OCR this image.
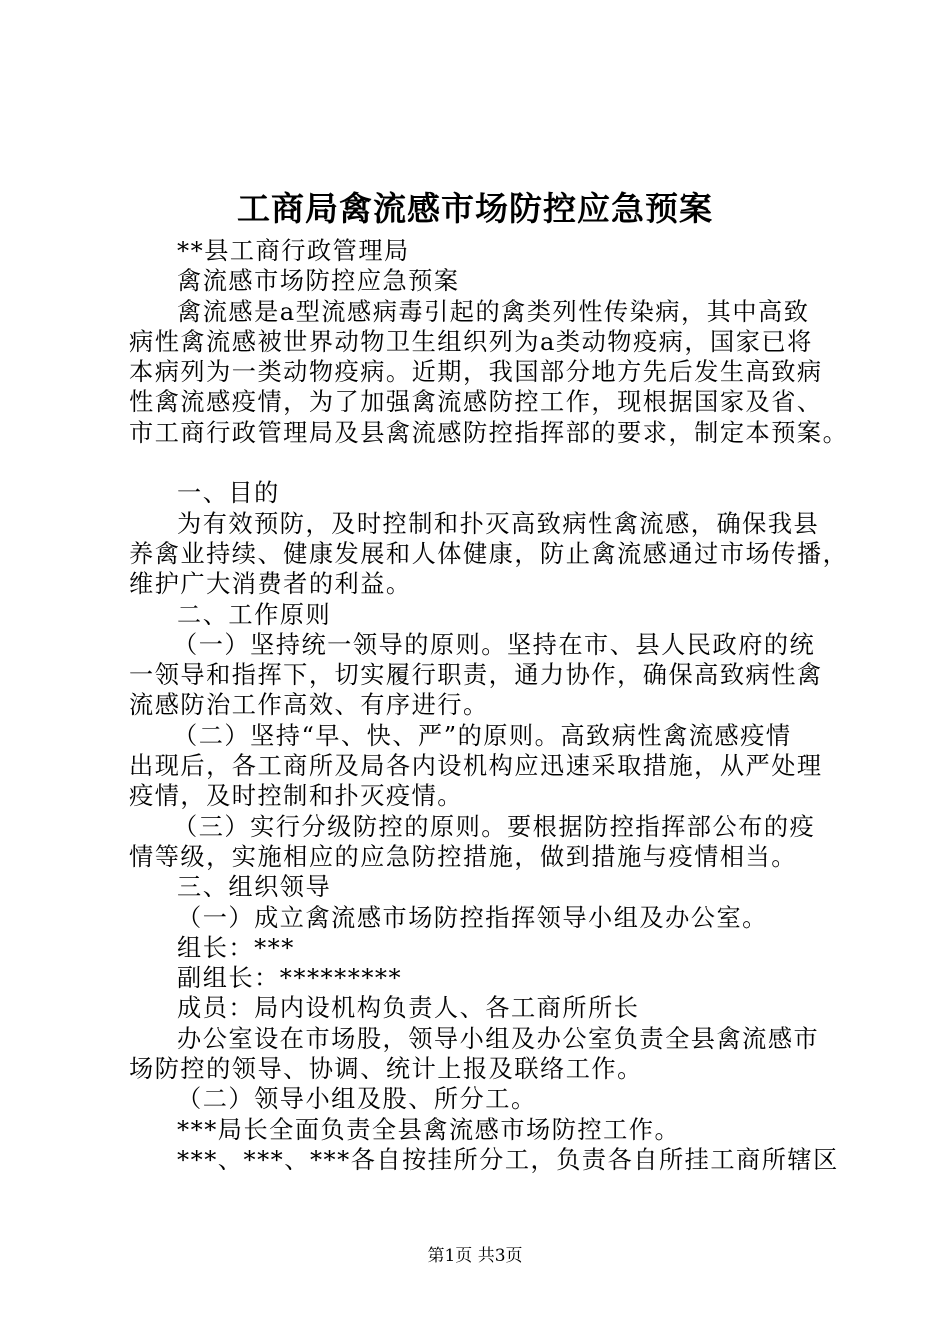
工商局禽流感市场防控应急预案
**县工商行政管理局
禽流感市场防控应急预案
禽流感是a型流感病毒引起的禽类列性传染病，其中高致
病性禽流感被世界动物卫生组织列为a类动物疫病，国家已将
本病列为一类动物疫病。近期，我国部分地方先后发生高致病
性禽流感疫情，为了加强禽流感防控工作，现根据国家及省、
市工商行政管理局及县禽流感防控指挥部的要求，制定本预案。
一、目的
为有效预防，及时控制和扑灭高致病性禽流感，确保我县
养禽业持续、健康发展和人体健康，防止禽流感通过市场传播，
维护广大消费者的利益。
二、工作原则
（一）坚持统一领导的原则。坚持在市、县人民政府的统
一领导和指挥下，切实履行职责，通力协作，确保高致病性禽
流感防治工作高效、有序进行。
（二）坚持“早、快、严”的原则。高致病性禽流感疫情
出现后，各工商所及局各内设机构应迅速采取措施，从严处理
疫情，及时控制和扑灭疫情。
（三）实行分级防控的原则。要根据防控指挥部公布的疫
情等级，实施相应的应急防控措施，做到措施与疫情相当。
三、组织领导
（一）成立禽流感市场防控指挥领导小组及办公室。
组长：***
副组长：*********
成员：局内设机构负责人、各工商所所长
办公室设在市场股，领导小组及办公室负责全县禽流感市
场防控的领导、协调、统计上报及联络工作。
（二）领导小组及股、所分工。
***局长全面负责全县禽流感市场防控工作。
***、***、***各自按挂所分工，负责各自所挂工商所辖区
第1页 共3页
